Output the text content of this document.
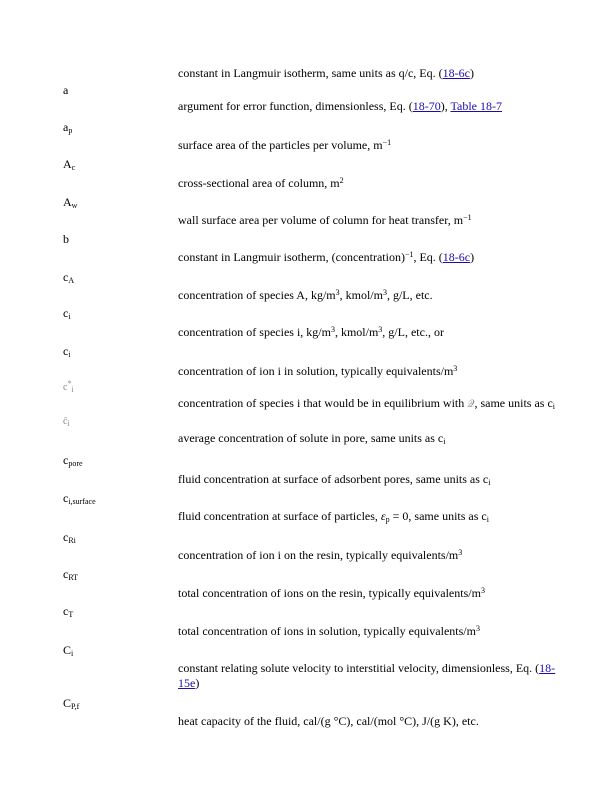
constant in Langmuir isotherm, same units as q/c, Eq. (18-6c)
a
argument for error function, dimensionless, Eq. (18-70), Table 18-7
$a_p$
surface area of the particles per volume, $m^{-1}$
$A_c$
cross-sectional area of column, $m^2$
$A_w$
wall surface area per volume of column for heat transfer, $m^{-1}$
b
constant in Langmuir isotherm, (concentration)$^{-1}$, Eq. (18-6c)
$c_A$
concentration of species A, $kg/m^3$, kmol/$m^3$, g/L, etc.
$c_i$
concentration of species i, $kg/m^3$, kmol/$m^3$, g/L, etc., or
$c_i$
concentration of ion i in solution, typically equivalents/$m^3$
$c^*_i$
concentration of species i that would be in equilibrium with 𝒬, same units as $c_i$
$c̄_i$
average concentration of solute in pore, same units as $c_i$
$c_{pore}$
fluid concentration at surface of adsorbent pores, same units as $c_i$
$c_{i,surface}$
fluid concentration at surface of particles, $\varepsilon_p = 0$, same units as $c_i$
$c_{Ri}$
concentration of ion i on the resin, typically equivalents/$m^3$
$c_{RT}$
total concentration of ions on the resin, typically equivalents/$m^3$
$c_T$
total concentration of ions in solution, typically equivalents/$m^3$
$C_i$
constant relating solute velocity to interstitial velocity, dimensionless, Eq. (18-15e)
$C_{P,f}$
heat capacity of the fluid, cal/(g °C), cal/(mol °C), J/(g K), etc.
